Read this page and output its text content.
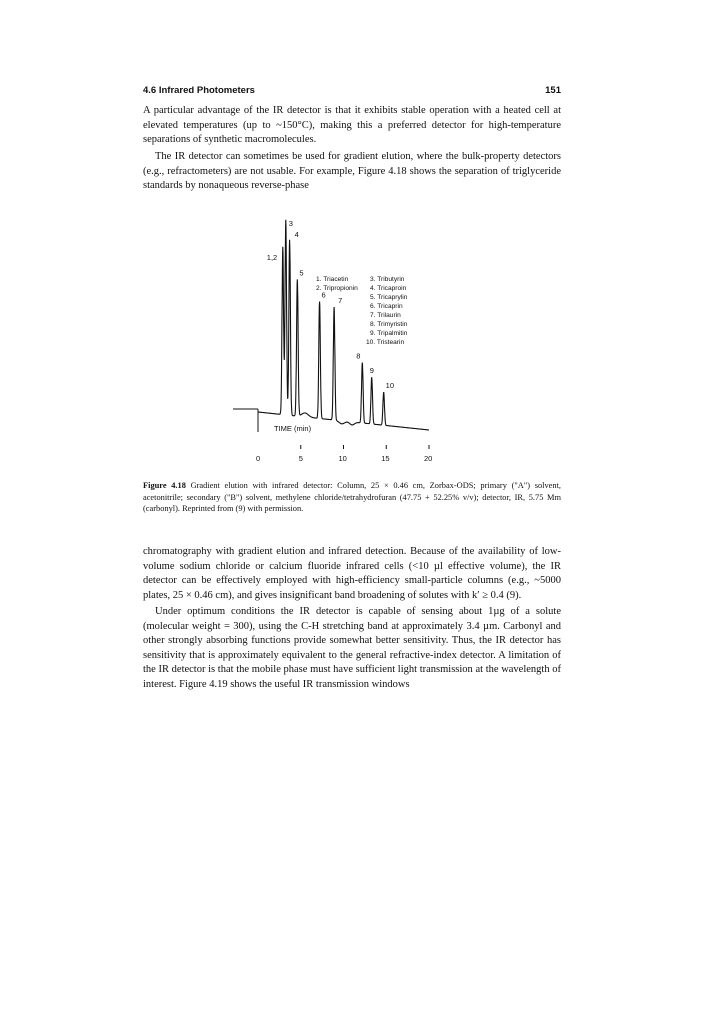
4.6 Infrared Photometers	151

A particular advantage of the IR detector is that it exhibits stable operation with a heated cell at elevated temperatures (up to ~150°C), making this a preferred detector for high-temperature separations of synthetic macromolecules.

The IR detector can sometimes be used for gradient elution, where the bulk-property detectors (e.g., refractometers) are not usable. For example, Figure 4.18 shows the separation of triglyceride standards by nonaqueous reverse-phase

1. Triacetin
2. Tripropionin
3. Tributyrin
4. Tricaproin
5. Tricaprylin
6. Tricaprin
7. Trilaurin
8. Trimyristin
9. Tripalmitin
10. Tristearin
1,2
3
4
5
6
7
8
9
10
TIME (min)
0	5	10	15	20
Figure 4.18 Gradient elution with infrared detector: Column, 25 × 0.46 cm, Zorbax-ODS; primary ("A") solvent, acetonitrile; secondary ("B") solvent, methylene chloride/tetrahydrofuran (47.75 + 52.25% v/v); detector, IR, 5.75 Mm (carbonyl). Reprinted from (9) with permission.

chromatography with gradient elution and infrared detection. Because of the availability of low-volume sodium chloride or calcium fluoride infrared cells (<10 µl effective volume), the IR detector can be effectively employed with high-efficiency small-particle columns (e.g., ~5000 plates, 25 × 0.46 cm), and gives insignificant band broadening of solutes with k′ ≥ 0.4 (9).

Under optimum conditions the IR detector is capable of sensing about 1µg of a solute (molecular weight = 300), using the C-H stretching band at approximately 3.4 µm. Carbonyl and other strongly absorbing functions provide somewhat better sensitivity. Thus, the IR detector has sensitivity that is approximately equivalent to the general refractive-index detector. A limitation of the IR detector is that the mobile phase must have sufficient light transmission at the wavelength of interest. Figure 4.19 shows the useful IR transmission windows
